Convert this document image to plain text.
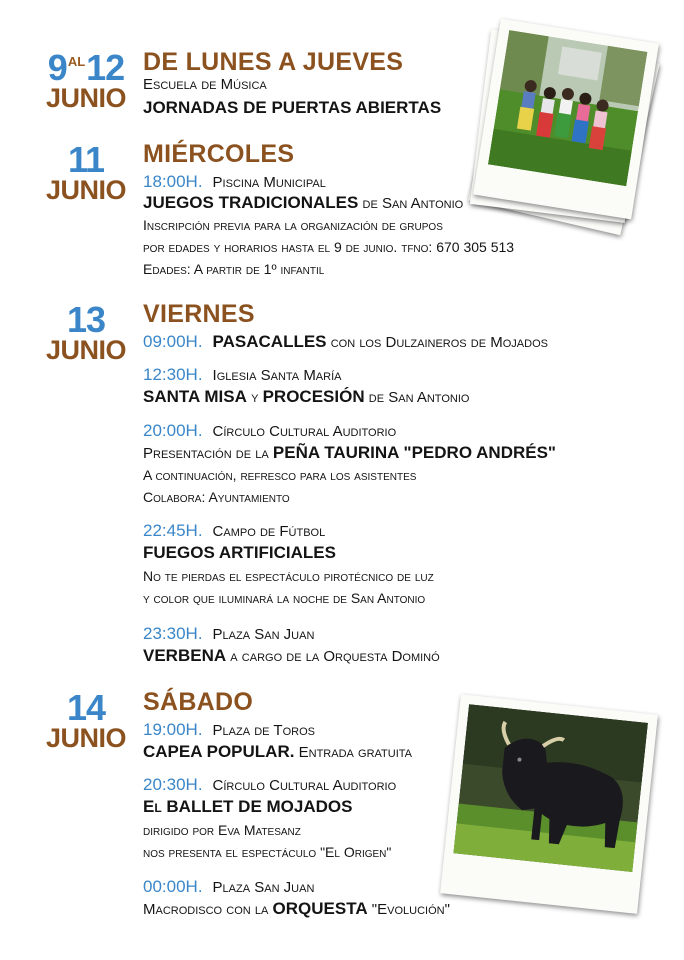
$9^{AL}12$
JUNIO
DE LUNES A JUEVES
Escuela de Música
JORNADAS DE PUERTAS ABIERTAS
11
JUNIO
MIÉRCOLES
18:00H. Piscina Municipal
JUEGOS TRADICIONALES de San Antonio
Inscripción previa para la organización de grupos
por edades y horarios hasta el 9 de junio. tfno: 670 305 513
Edades: A partir de 1º infantil
13
JUNIO
VIERNES
09:00H. PASACALLES con los Dulzaineros de Mojados
12:30H. Iglesia Santa María
SANTA MISA y PROCESIÓN de San Antonio
20:00H. Círculo Cultural Auditorio
Presentación de la PEÑA TAURINA "PEDRO ANDRÉS"
A continuación, refresco para los asistentes
Colabora: Ayuntamiento
22:45H. Campo de Fútbol
FUEGOS ARTIFICIALES
No te pierdas el espectáculo pirotécnico de luz
y color que iluminará la noche de San Antonio
23:30H. Plaza San Juan
VERBENA a cargo de la Orquesta Dominó
14
JUNIO
SÁBADO
19:00H. Plaza de Toros
CAPEA POPULAR. Entrada gratuita
20:30H. Círculo Cultural Auditorio
El BALLET DE MOJADOS
dirigido por Eva Matesanz
nos presenta el espectáculo "El Origen"
00:00H. Plaza San Juan
Macrodisco con la ORQUESTA "Evolución"
